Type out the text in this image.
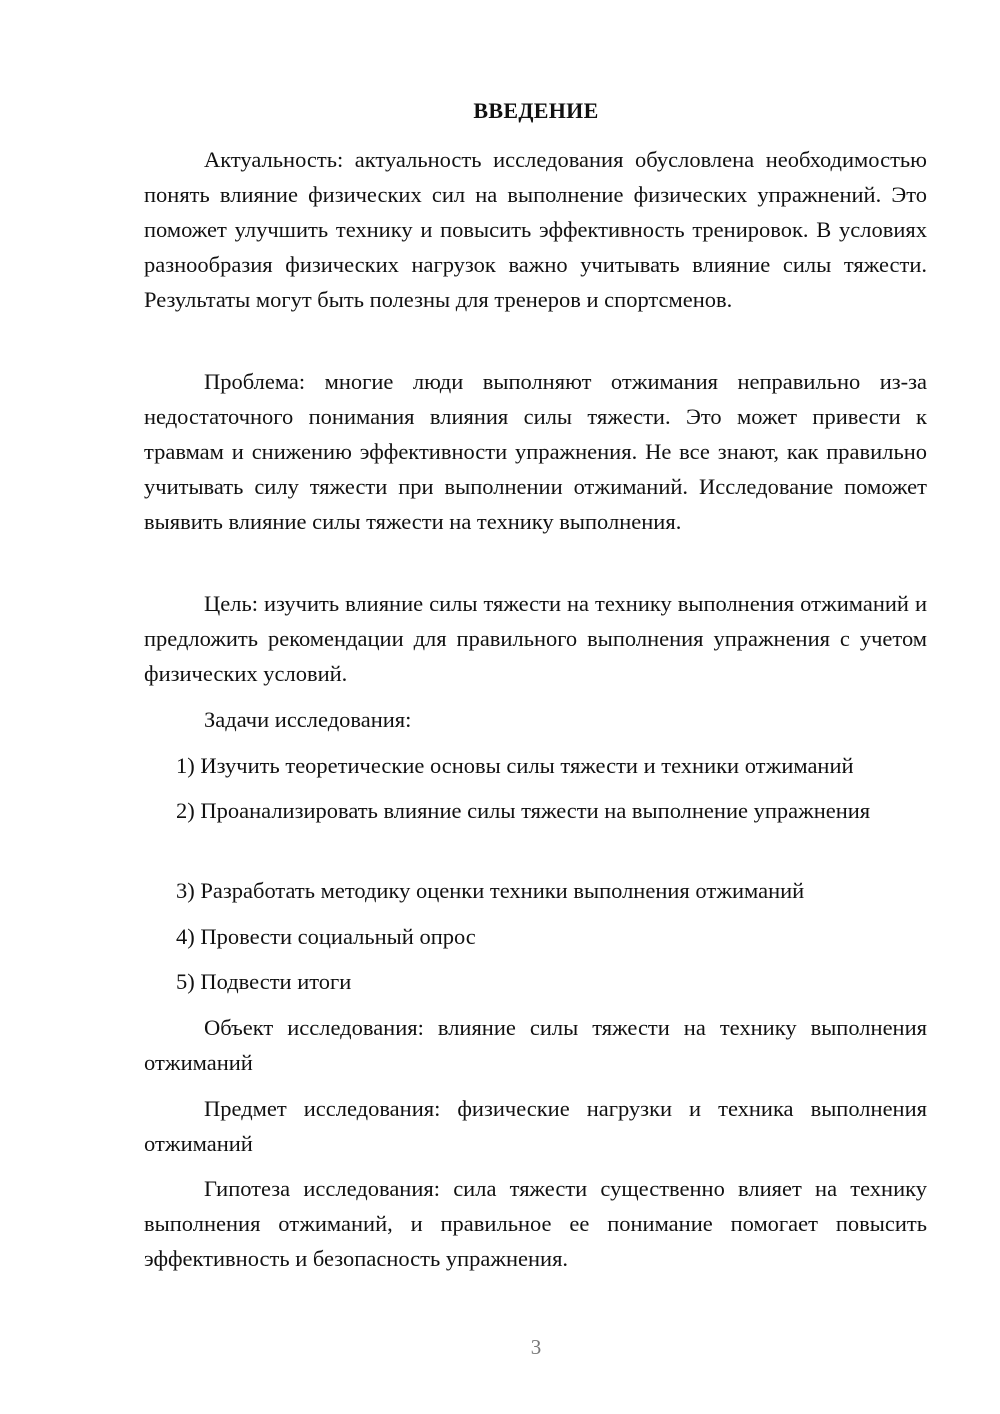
ВВЕДЕНИЕ

Актуальность: актуальность исследования обусловлена необходимостью понять влияние физических сил на выполнение физических упражнений. Это поможет улучшить технику и повысить эффективность тренировок. В условиях разнообразия физических нагрузок важно учитывать влияние силы тяжести. Результаты могут быть полезны для тренеров и спортсменов.

Проблема: многие люди выполняют отжимания неправильно из-за недостаточного понимания влияния силы тяжести. Это может привести к травмам и снижению эффективности упражнения. Не все знают, как правильно учитывать силу тяжести при выполнении отжиманий. Исследование поможет выявить влияние силы тяжести на технику выполнения.

Цель: изучить влияние силы тяжести на технику выполнения отжиманий и предложить рекомендации для правильного выполнения упражнения с учетом физических условий.

Задачи исследования:

1) Изучить теоретические основы силы тяжести и техники отжиманий

2) Проанализировать влияние силы тяжести на выполнение упражнения

3) Разработать методику оценки техники выполнения отжиманий

4) Провести социальный опрос

5) Подвести итоги

Объект исследования: влияние силы тяжести на технику выполнения отжиманий

Предмет исследования: физические нагрузки и техника выполнения отжиманий

Гипотеза исследования: сила тяжести существенно влияет на технику выполнения отжиманий, и правильное ее понимание помогает повысить эффективность и безопасность упражнения.

3
